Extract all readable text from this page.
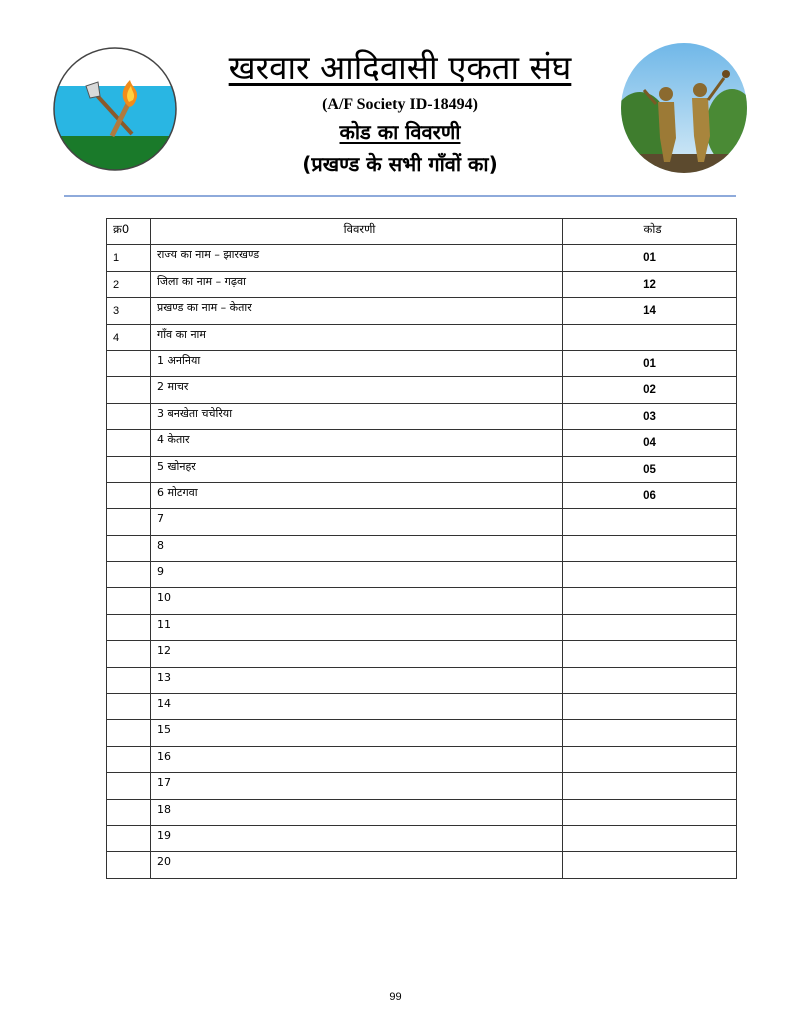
खरवार आदिवासी एकता संघ
(A/F Society ID-18494)
कोड का विवरणी
(प्रखण्ड के सभी गाँवों का)
क्र0	विवरणी	कोड
1	राज्य का नाम – झारखण्ड	01
2	जिला का नाम – गढ़वा	12
3	प्रखण्ड का नाम – केतार	14
4	गाँव का नाम	
	1 अननिया	01
	2 माचर	02
	3 बनखेता चचेरिया	03
	4 केतार	04
	5 खोनहर	05
	6 मोटगवा	06
	7	
	8	
	9	
	10	
	11	
	12	
	13	
	14	
	15	
	16	
	17	
	18	
	19	
	20	
99
